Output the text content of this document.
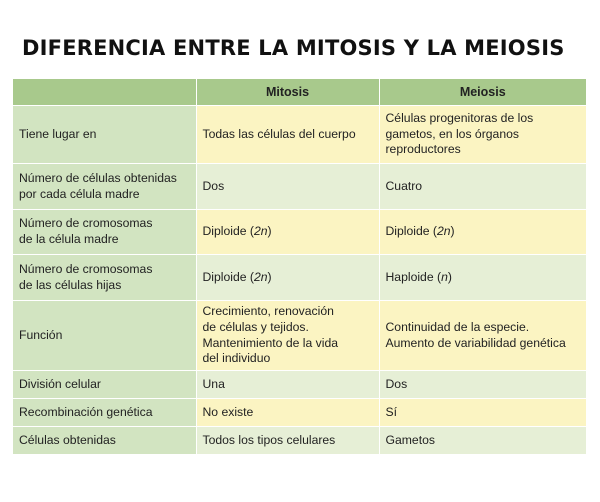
DIFERENCIA ENTRE LA MITOSIS Y LA MEIOSIS
	Mitosis	Meiosis
Tiene lugar en	Todas las células del cuerpo	Células progenitoras de los
gametos, en los órganos
reproductores
Número de células obtenidas
por cada célula madre	Dos	Cuatro
Número de cromosomas
de la célula madre	Diploide (2n)	Diploide (2n)
Número de cromosomas
de las células hijas	Diploide (2n)	Haploide (n)
Función	Crecimiento, renovación
de células y tejidos.
Mantenimiento de la vida
del individuo	Continuidad de la especie.
Aumento de variabilidad genética
División celular	Una	Dos
Recombinación genética	No existe	Sí
Células obtenidas	Todos los tipos celulares	Gametos
